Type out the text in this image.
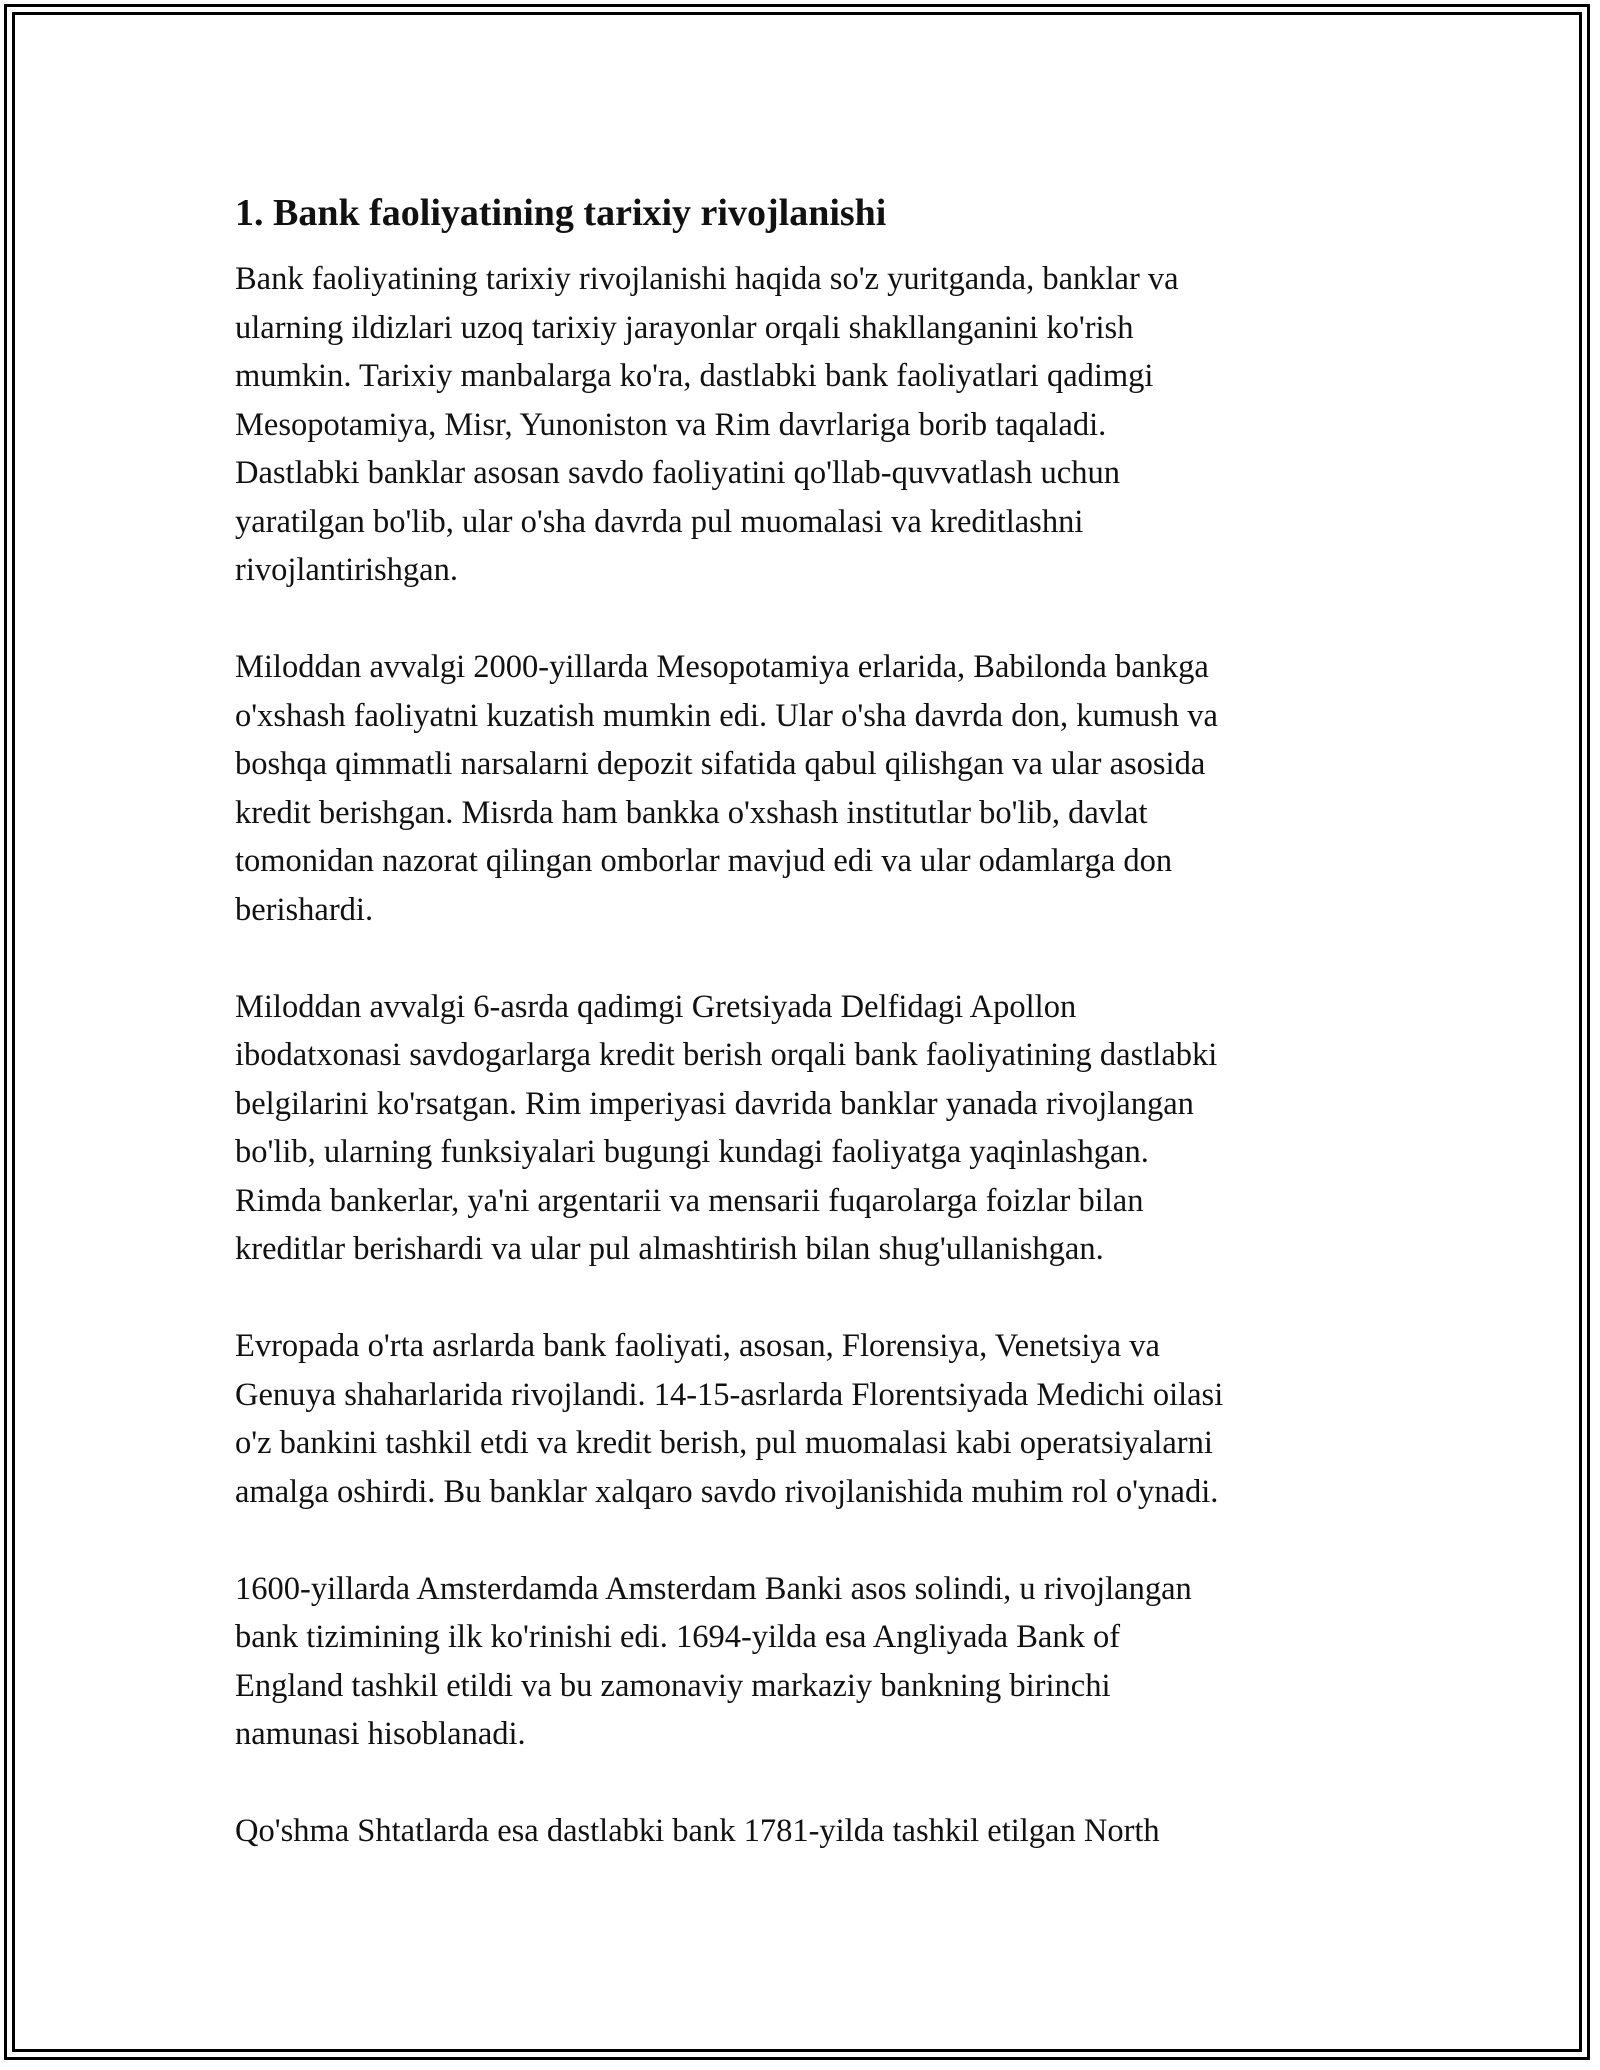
1. Bank faoliyatining tarixiy rivojlanishi
Bank faoliyatining tarixiy rivojlanishi haqida so'z yuritganda, banklar va
ularning ildizlari uzoq tarixiy jarayonlar orqali shakllanganini ko'rish
mumkin. Tarixiy manbalarga ko'ra, dastlabki bank faoliyatlari qadimgi
Mesopotamiya, Misr, Yunoniston va Rim davrlariga borib taqaladi.
Dastlabki banklar asosan savdo faoliyatini qo'llab-quvvatlash uchun
yaratilgan bo'lib, ular o'sha davrda pul muomalasi va kreditlashni
rivojlantirishgan.
Miloddan avvalgi 2000-yillarda Mesopotamiya erlarida, Babilonda bankga
o'xshash faoliyatni kuzatish mumkin edi. Ular o'sha davrda don, kumush va
boshqa qimmatli narsalarni depozit sifatida qabul qilishgan va ular asosida
kredit berishgan. Misrda ham bankka o'xshash institutlar bo'lib, davlat
tomonidan nazorat qilingan omborlar mavjud edi va ular odamlarga don
berishardi.
Miloddan avvalgi 6-asrda qadimgi Gretsiyada Delfidagi Apollon
ibodatxonasi savdogarlarga kredit berish orqali bank faoliyatining dastlabki
belgilarini ko'rsatgan. Rim imperiyasi davrida banklar yanada rivojlangan
bo'lib, ularning funksiyalari bugungi kundagi faoliyatga yaqinlashgan.
Rimda bankerlar, ya'ni argentarii va mensarii fuqarolarga foizlar bilan
kreditlar berishardi va ular pul almashtirish bilan shug'ullanishgan.
Evropada o'rta asrlarda bank faoliyati, asosan, Florensiya, Venetsiya va
Genuya shaharlarida rivojlandi. 14-15-asrlarda Florentsiyada Medichi oilasi
o'z bankini tashkil etdi va kredit berish, pul muomalasi kabi operatsiyalarni
amalga oshirdi. Bu banklar xalqaro savdo rivojlanishida muhim rol o'ynadi.
1600-yillarda Amsterdamda Amsterdam Banki asos solindi, u rivojlangan
bank tizimining ilk ko'rinishi edi. 1694-yilda esa Angliyada Bank of
England tashkil etildi va bu zamonaviy markaziy bankning birinchi
namunasi hisoblanadi.
Qo'shma Shtatlarda esa dastlabki bank 1781-yilda tashkil etilgan North
